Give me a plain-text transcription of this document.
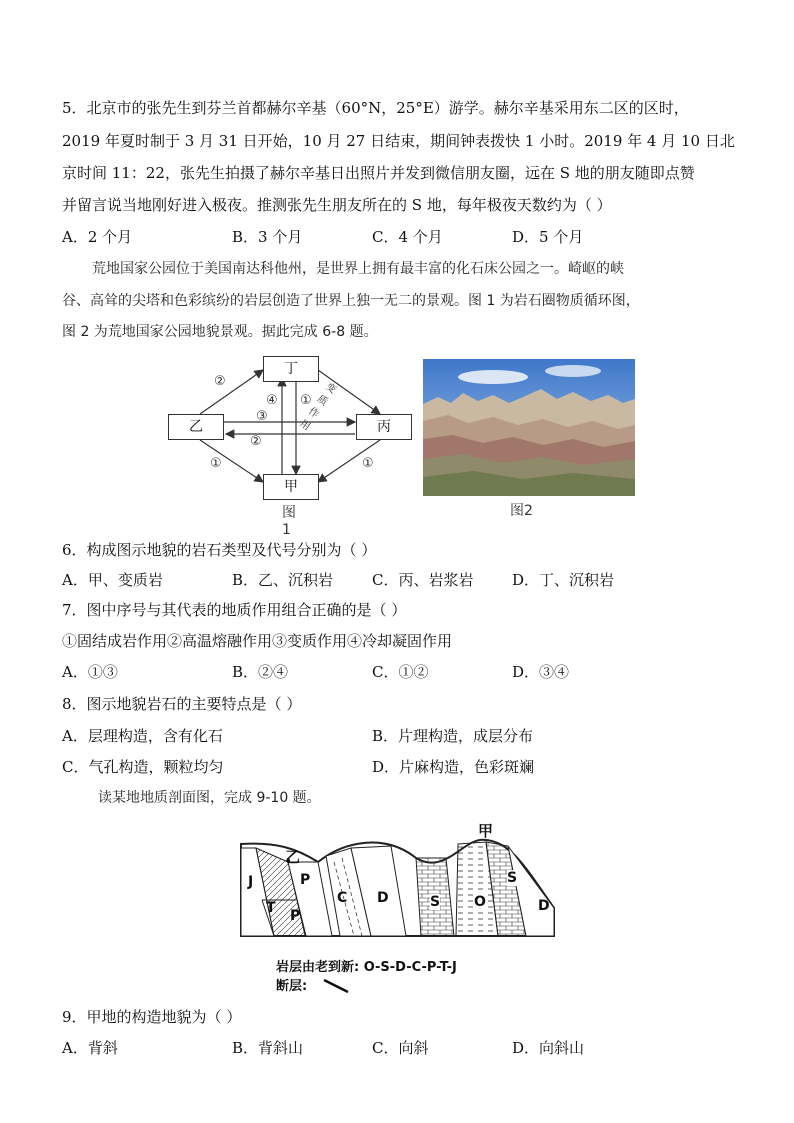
5．北京市的张先生到芬兰首都赫尔辛基（60°N，25°E）游学。赫尔辛基采用东二区的区时，
2019 年夏时制于 3 月 31 日开始，10 月 27 日结束，期间钟表拨快 1 小时。2019 年 4 月 10 日北
京时间 11：22，张先生拍摄了赫尔辛基日出照片并发到微信朋友圈，远在 S 地的朋友随即点赞
并留言说当地刚好进入极夜。推测张先生朋友所在的 S 地，每年极夜天数约为（ ）
A．2 个月	B．3 个月	C．4 个月	D．5 个月
荒地国家公园位于美国南达科他州，是世界上拥有最丰富的化石床公园之一。崎岖的峡
谷、高耸的尖塔和色彩缤纷的岩层创造了世界上独一无二的景观。图 1 为岩石圈物质循环图，
图 2 为荒地国家公园地貌景观。据此完成 6-8 题。
丁
乙	丙
甲
②
④ ①
③
②
①	①
变质作用
图1
图2
6．构成图示地貌的岩石类型及代号分别为（ ）
A．甲、变质岩	B．乙、沉积岩	C．丙、岩浆岩	D．丁、沉积岩
7．图中序号与其代表的地质作用组合正确的是（ ）
①固结成岩作用②高温熔融作用③变质作用④冷却凝固作用
A．①③	B．②④	C．①②	D．③④
8．图示地貌岩石的主要特点是（ ）
A．层理构造，含有化石	B．片理构造，成层分布
C．气孔构造，颗粒均匀	D．片麻构造，色彩斑斓
读某地地质剖面图，完成 9-10 题。
甲
乙
J
T
P
P
C D	S O
S
D
岩层由老到新: O-S-D-C-P-T-J
断层:
9．甲地的构造地貌为（ ）
A．背斜	B．背斜山	C．向斜	D．向斜山
